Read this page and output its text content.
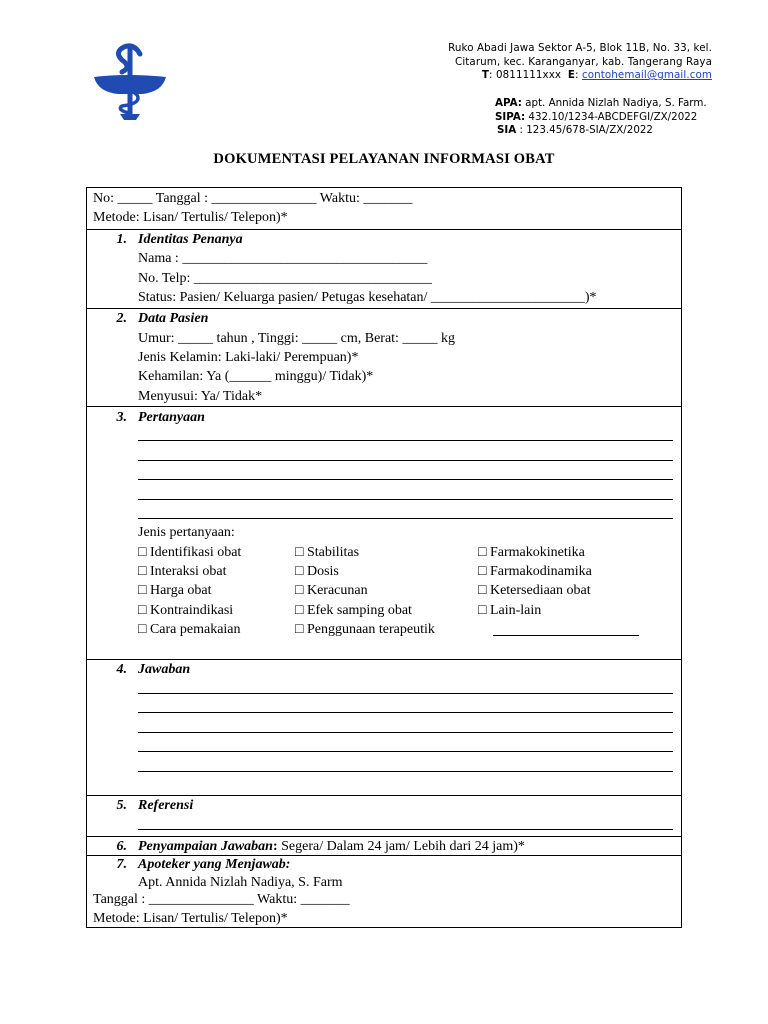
Ruko Abadi Jawa Sektor A-5, Blok 11B, No. 33, kel.
Citarum, kec. Karanganyar, kab. Tangerang Raya
T: 0811111xxx E: contohemail@gmail.com
APA: apt. Annida Nizlah Nadiya, S. Farm.
SIPA: 432.10/1234-ABCDEFGI/ZX/2022
SIA : 123.45/678-SIA/ZX/2022
DOKUMENTASI PELAYANAN INFORMASI OBAT
No: _____ Tanggal : _______________ Waktu: _______
Metode: Lisan/ Tertulis/ Telepon)*
1. Identitas Penanya
Nama : ___________________________________
No. Telp: __________________________________
Status: Pasien/ Keluarga pasien/ Petugas kesehatan/ ______________________)*
2. Data Pasien
Umur: _____ tahun , Tinggi: _____ cm, Berat: _____ kg
Jenis Kelamin: Laki-laki/ Perempuan)*
Kehamilan: Ya (______ minggu)/ Tidak)*
Menyusui: Ya/ Tidak*
3. Pertanyaan
Jenis pertanyaan:
□ Identifikasi obat
□ Interaksi obat
□ Harga obat
□ Kontraindikasi
□ Cara pemakaian
□ Stabilitas
□ Dosis
□ Keracunan
□ Efek samping obat
□ Penggunaan terapeutik
□ Farmakokinetika
□ Farmakodinamika
□ Ketersediaan obat
□ Lain-lain
4. Jawaban
5. Referensi
6. Penyampaian Jawaban: Segera/ Dalam 24 jam/ Lebih dari 24 jam)*
7. Apoteker yang Menjawab:
Apt. Annida Nizlah Nadiya, S. Farm
Tanggal : _______________ Waktu: _______
Metode: Lisan/ Tertulis/ Telepon)*
